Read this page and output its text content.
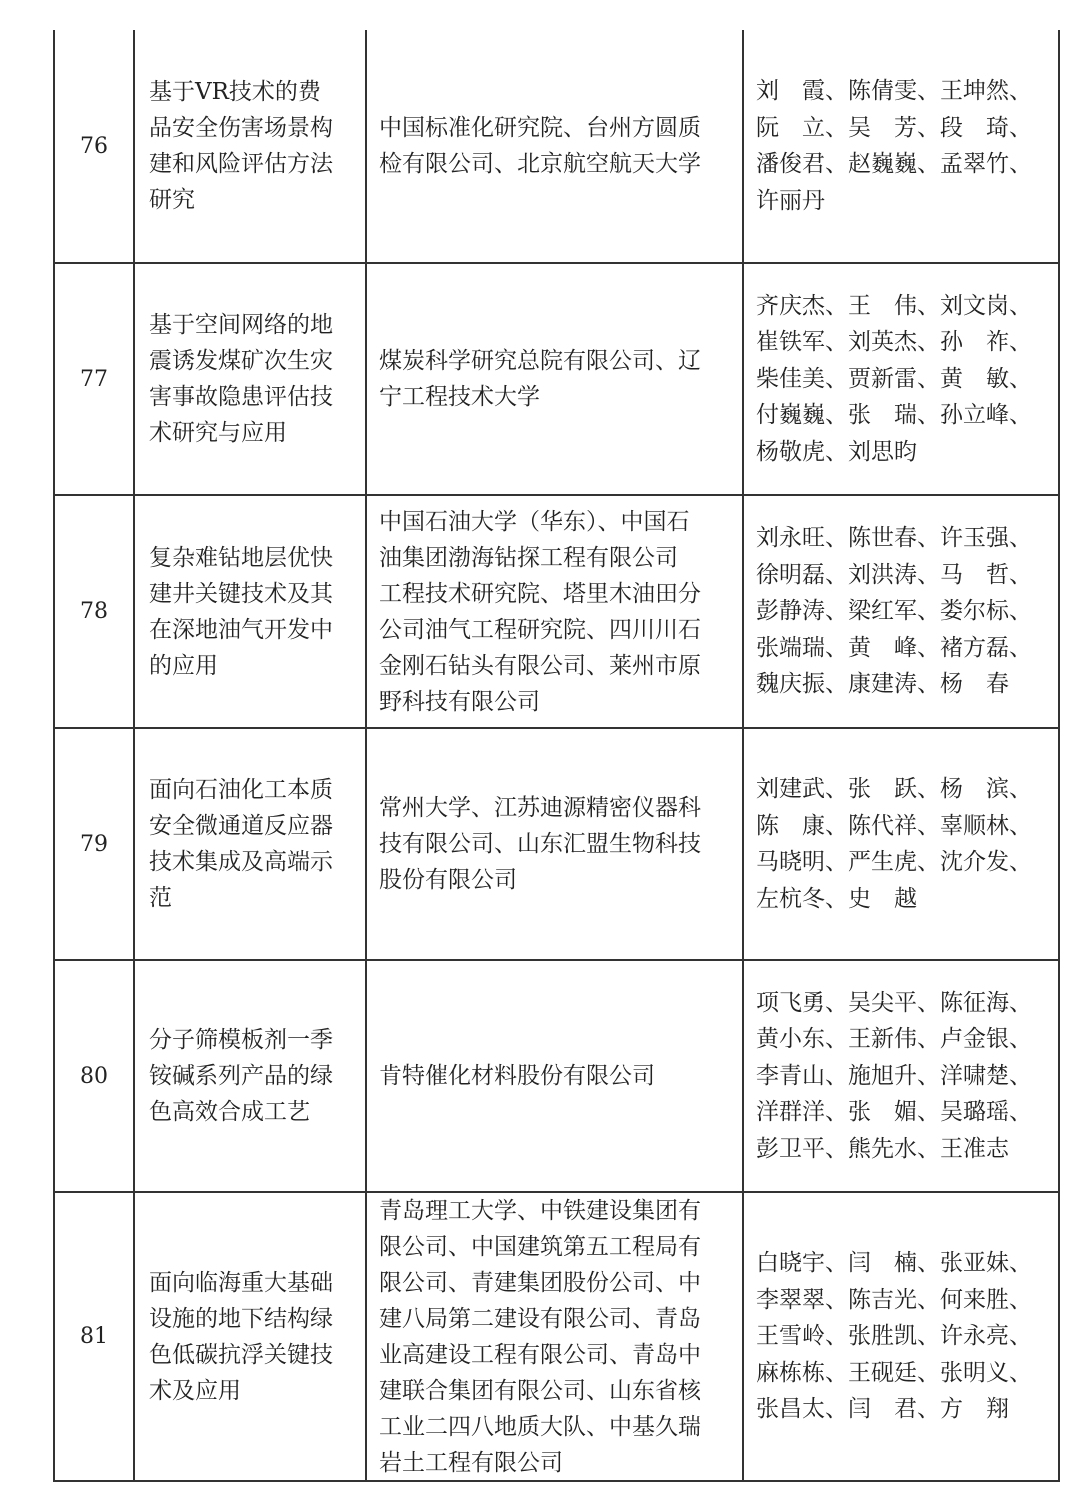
76
基于VR技术的费
品安全伤害场景构
建和风险评估方法
研究
中国标准化研究院、台州方圆质
检有限公司、北京航空航天大学
刘　霞、陈倩雯、王坤然、
阮　立、吴　芳、段　琦、
潘俊君、赵巍巍、孟翠竹、
许丽丹
77
基于空间网络的地
震诱发煤矿次生灾
害事故隐患评估技
术研究与应用
煤炭科学研究总院有限公司、辽
宁工程技术大学
齐庆杰、王　伟、刘文岗、
崔铁军、刘英杰、孙　祚、
柴佳美、贾新雷、黄　敏、
付巍巍、张　瑞、孙立峰、
杨敬虎、刘思昀
78
复杂难钻地层优快
建井关键技术及其
在深地油气开发中
的应用
中国石油大学（华东）、中国石
油集团渤海钻探工程有限公司
工程技术研究院、塔里木油田分
公司油气工程研究院、四川川石
金刚石钻头有限公司、莱州市原
野科技有限公司
刘永旺、陈世春、许玉强、
徐明磊、刘洪涛、马　哲、
彭静涛、梁红军、娄尔标、
张端瑞、黄　峰、褚方磊、
魏庆振、康建涛、杨　春
79
面向石油化工本质
安全微通道反应器
技术集成及高端示
范
常州大学、江苏迪源精密仪器科
技有限公司、山东汇盟生物科技
股份有限公司
刘建武、张　跃、杨　滨、
陈　康、陈代祥、辜顺林、
马晓明、严生虎、沈介发、
左杭冬、史　越
80
分子筛模板剂一季
铵碱系列产品的绿
色高效合成工艺
肯特催化材料股份有限公司
项飞勇、吴尖平、陈征海、
黄小东、王新伟、卢金银、
李青山、施旭升、洋啸楚、
洋群洋、张　媚、吴璐瑶、
彭卫平、熊先水、王准志
81
面向临海重大基础
设施的地下结构绿
色低碳抗浮关键技
术及应用
青岛理工大学、中铁建设集团有
限公司、中国建筑第五工程局有
限公司、青建集团股份公司、中
建八局第二建设有限公司、青岛
业高建设工程有限公司、青岛中
建联合集团有限公司、山东省核
工业二四八地质大队、中基久瑞
岩土工程有限公司
白晓宇、闫　楠、张亚妹、
李翠翠、陈吉光、何来胜、
王雪岭、张胜凯、许永亮、
麻栋栋、王砚廷、张明义、
张昌太、闫　君、方　翔
